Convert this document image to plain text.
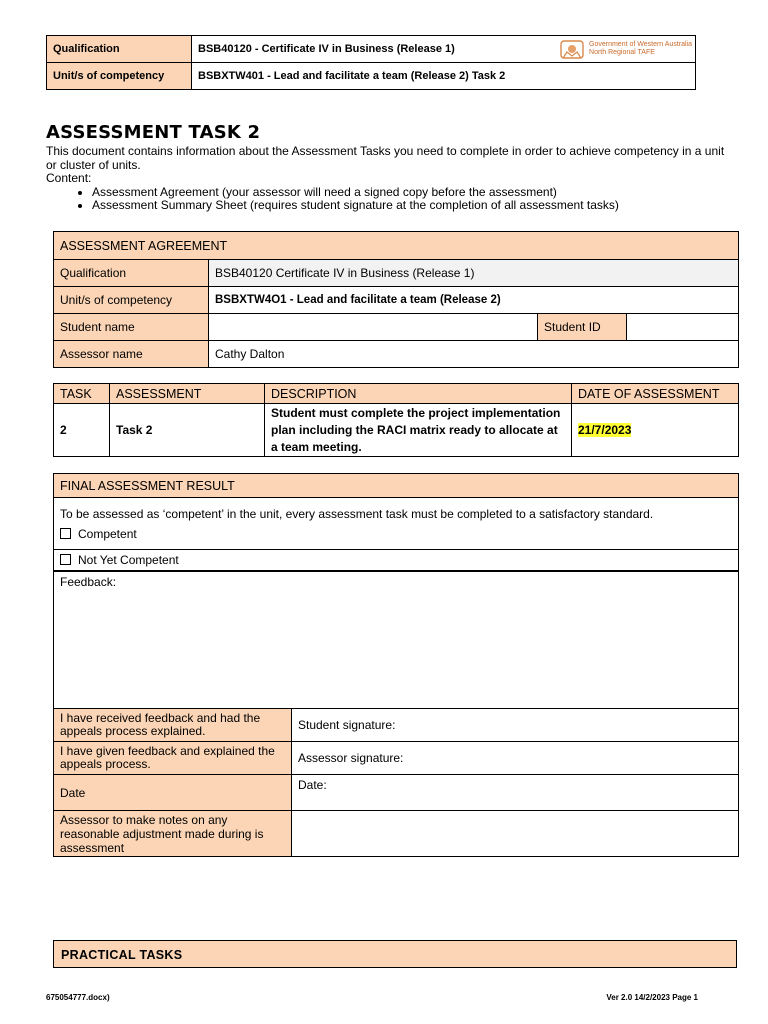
Qualification	BSB40120 - Certificate IV in Business (Release 1) Government of Western Australia
North Regional TAFE

Unit/s of competency	BSBXTW401 - Lead and facilitate a team (Release 2) Task 2
ASSESSMENT TASK 2
This document contains information about the Assessment Tasks you need to complete in order to achieve competency in a unit or cluster of units.
Content:
• Assessment Agreement (your assessor will need a signed copy before the assessment)
• Assessment Summary Sheet (requires student signature at the completion of all assessment tasks)
ASSESSMENT AGREEMENT			
Qualification	BSB40120 Certificate IV in Business (Release 1)		
Unit/s of competency	BSBXTW4O1 - Lead and facilitate a team (Release 2)		
Student name		Student ID	
Assessor name	Cathy Dalton		
TASK	ASSESSMENT	DESCRIPTION	DATE OF ASSESSMENT
2	Task 2	Student must complete the project implementation plan including the RACI matrix ready to allocate at a team meeting.	21/7/2023
FINAL ASSESSMENT RESULT	

To be assessed as ‘competent’ in the unit, every assessment task must be completed to a satisfactory standard.
Competent	

Not Yet Competent	
Feedback:	
I have received feedback and had the appeals process explained.	Student signature:
I have given feedback and explained the appeals process.	Assessor signature:
Date	Date:
Assessor to make notes on any reasonable adjustment made during is assessment	
PRACTICAL TASKS
675054777.docx)	Ver 2.0 14/2/2023 Page 1
